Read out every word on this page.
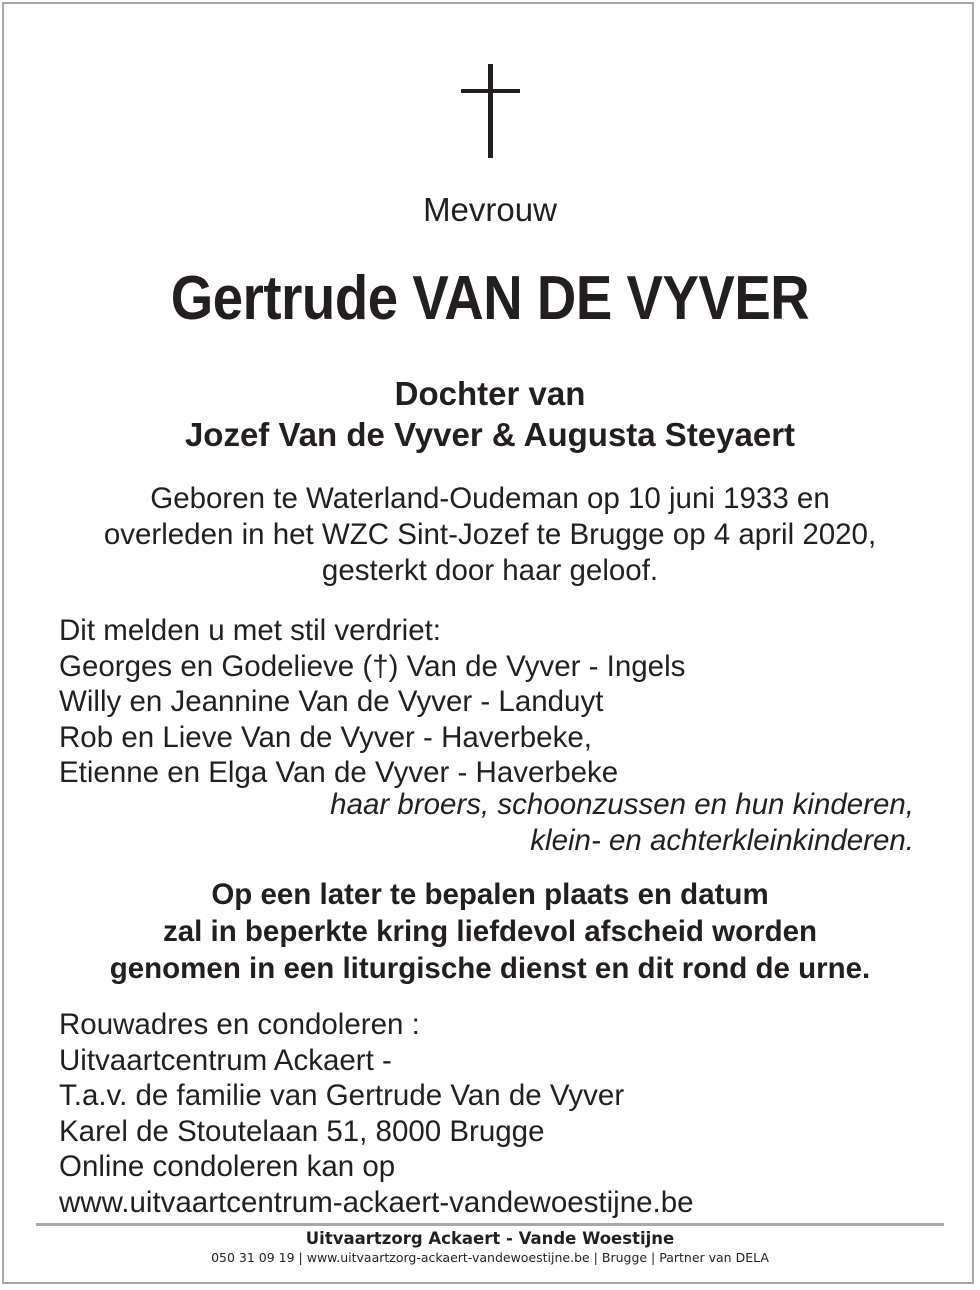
Mevrouw
Gertrude VAN DE VYVER
Dochter van
Jozef Van de Vyver & Augusta Steyaert
Geboren te Waterland-Oudeman op 10 juni 1933 en
overleden in het WZC Sint-Jozef te Brugge op 4 april 2020,
gesterkt door haar geloof.
Dit melden u met stil verdriet:
Georges en Godelieve (†) Van de Vyver - Ingels
Willy en Jeannine Van de Vyver - Landuyt
Rob en Lieve Van de Vyver - Haverbeke,
Etienne en Elga Van de Vyver - Haverbeke
haar broers, schoonzussen en hun kinderen,
klein- en achterkleinkinderen.
Op een later te bepalen plaats en datum
zal in beperkte kring liefdevol afscheid worden
genomen in een liturgische dienst en dit rond de urne.
Rouwadres en condoleren :
Uitvaartcentrum Ackaert -
T.a.v. de familie van Gertrude Van de Vyver
Karel de Stoutelaan 51, 8000 Brugge
Online condoleren kan op
www.uitvaartcentrum-ackaert-vandewoestijne.be
Uitvaartzorg Ackaert - Vande Woestijne
050 31 09 19 | www.uitvaartzorg-ackaert-vandewoestijne.be | Brugge | Partner van DELA
